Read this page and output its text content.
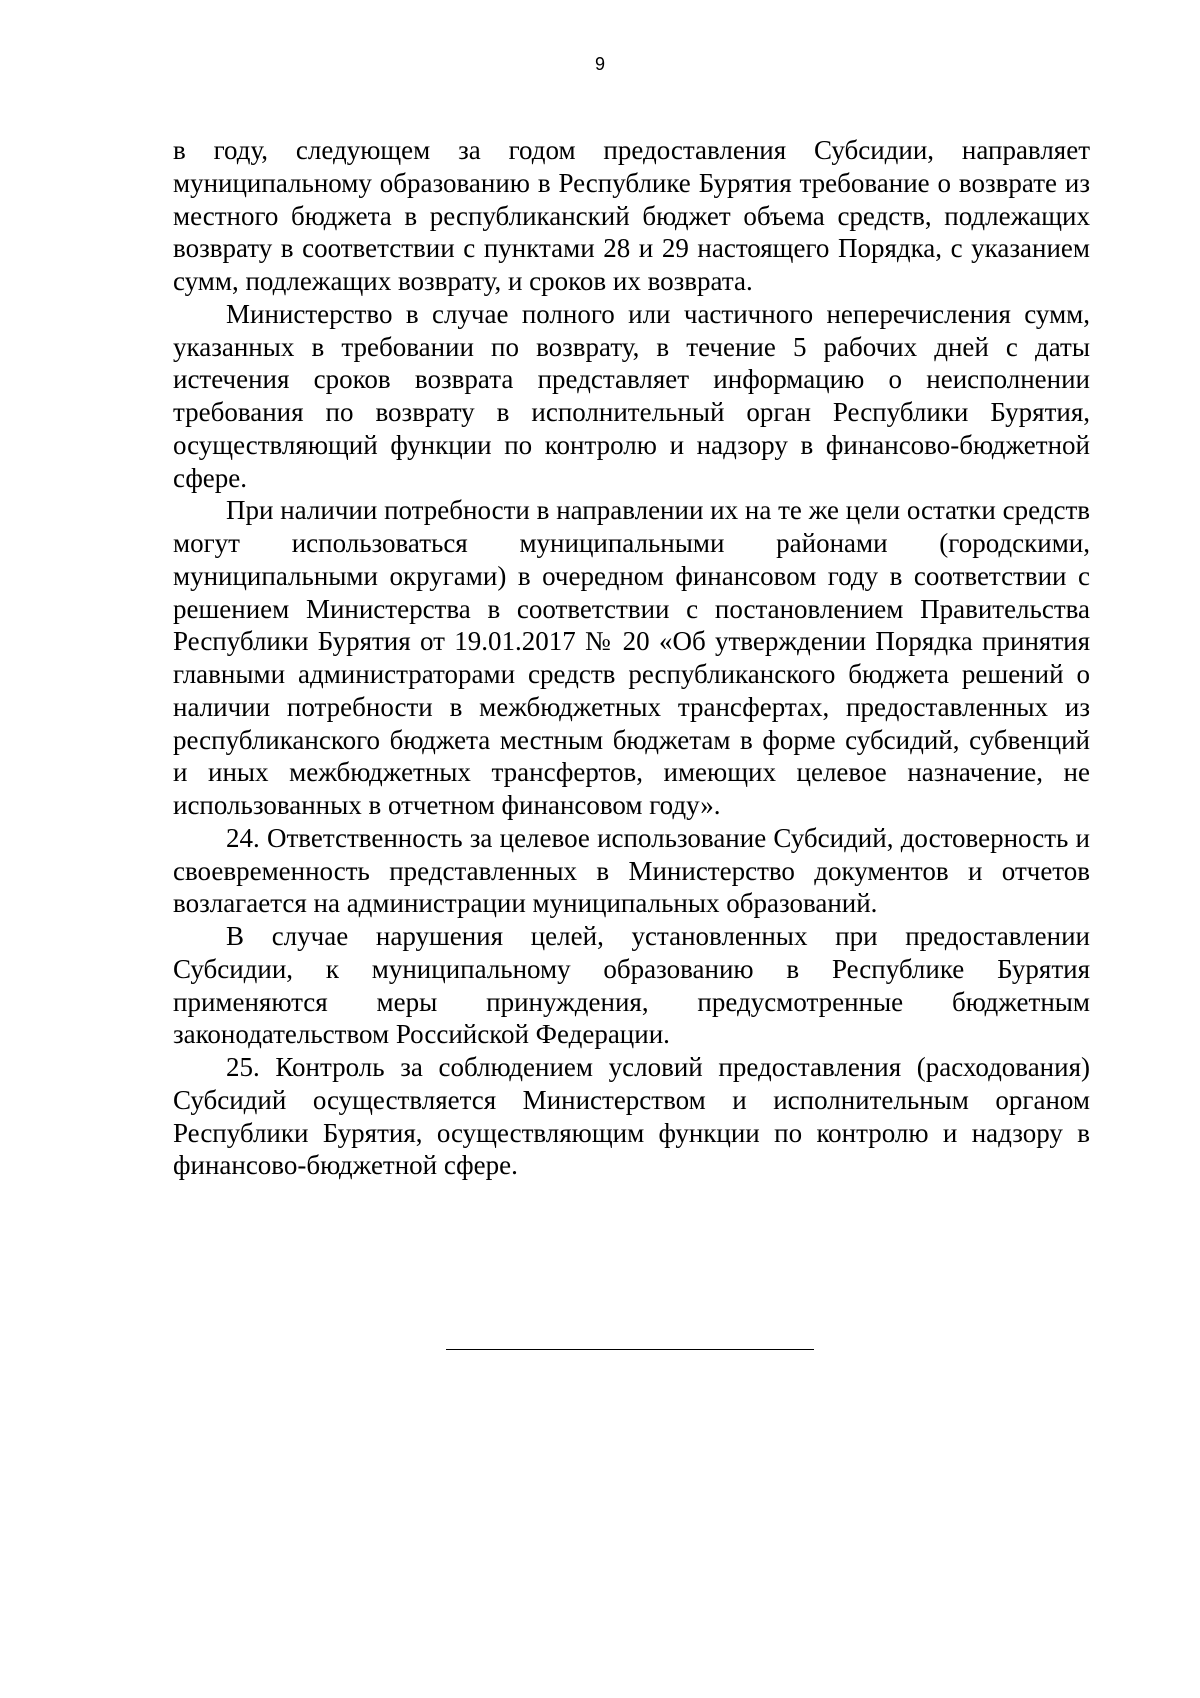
9

в году, следующем за годом предоставления Субсидии, направляет муниципальному образованию в Республике Бурятия требование о возврате из местного бюджета в республиканский бюджет объема средств, подлежащих возврату в соответствии с пунктами 28 и 29 настоящего Порядка, с указанием сумм, подлежащих возврату, и сроков их возврата.

Министерство в случае полного или частичного неперечисления сумм, указанных в требовании по возврату, в течение 5 рабочих дней с даты истечения сроков возврата представляет информацию о неисполнении требования по возврату в исполнительный орган Республики Бурятия, осуществляющий функции по контролю и надзору в финансово-бюджетной сфере.

При наличии потребности в направлении их на те же цели остатки средств могут использоваться муниципальными районами (городскими, муниципальными округами) в очередном финансовом году в соответствии с решением Министерства в соответствии с постановлением Правительства Республики Бурятия от 19.01.2017 № 20 «Об утверждении Порядка принятия главными администраторами средств республиканского бюджета решений о наличии потребности в межбюджетных трансфертах, предоставленных из республиканского бюджета местным бюджетам в форме субсидий, субвенций и иных межбюджетных трансфертов, имеющих целевое назначение, не использованных в отчетном финансовом году».

24. Ответственность за целевое использование Субсидий, достоверность и своевременность представленных в Министерство документов и отчетов возлагается на администрации муниципальных образований.

В случае нарушения целей, установленных при предоставлении Субсидии, к муниципальному образованию в Республике Бурятия применяются меры принуждения, предусмотренные бюджетным законодательством Российской Федерации.

25. Контроль за соблюдением условий предоставления (расходования) Субсидий осуществляется Министерством и исполнительным органом Республики Бурятия, осуществляющим функции по контролю и надзору в финансово-бюджетной сфере.
